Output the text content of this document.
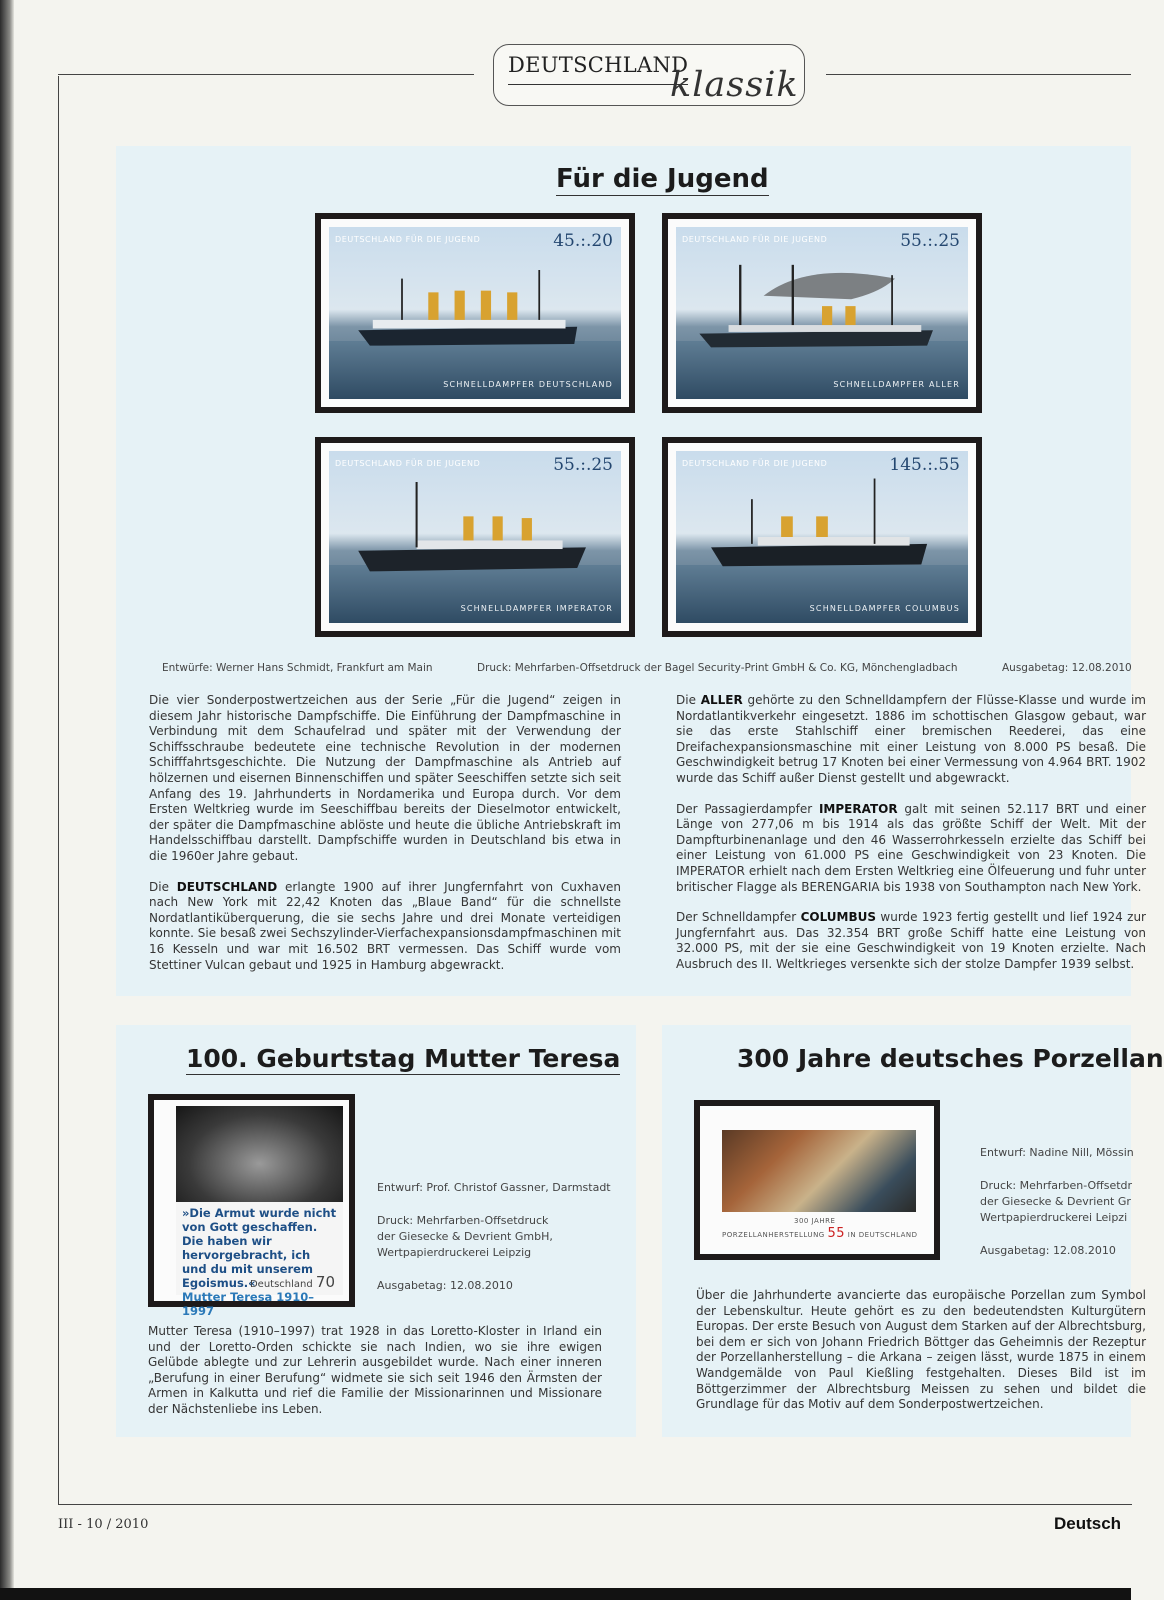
DEUTSCHLAND
klassik
Für die Jugend
DEUTSCHLAND FÜR DIE JUGEND	45.:.20
SCHNELLDAMPFER DEUTSCHLAND
DEUTSCHLAND FÜR DIE JUGEND	55.:.25
SCHNELLDAMPFER ALLER
DEUTSCHLAND FÜR DIE JUGEND	55.:.25
SCHNELLDAMPFER IMPERATOR
DEUTSCHLAND FÜR DIE JUGEND	145.:.55
SCHNELLDAMPFER COLUMBUS
Entwürfe: Werner Hans Schmidt, Frankfurt am Main	Druck: Mehrfarben-Offsetdruck der Bagel Security-Print GmbH & Co. KG, Mönchengladbach	Ausgabetag: 12.08.2010

Die vier Sonderpostwertzeichen aus der Serie „Für die Jugend“ zeigen in diesem Jahr historische Dampfschiffe. Die Einführung der Dampfmaschine in Verbindung mit dem Schaufelrad und später mit der Verwendung der Schiffsschraube bedeutete eine technische Revolution in der modernen Schifffahrtsgeschichte. Die Nutzung der Dampfmaschine als Antrieb auf hölzernen und eisernen Binnenschiffen und später Seeschiffen setzte sich seit Anfang des 19. Jahrhunderts in Nordamerika und Europa durch. Vor dem Ersten Weltkrieg wurde im Seeschiffbau bereits der Dieselmotor entwickelt, der später die Dampfmaschine ablöste und heute die übliche Antriebskraft im Handelsschiffbau darstellt. Dampfschiffe wurden in Deutschland bis etwa in die 1960er Jahre gebaut.

Die DEUTSCHLAND erlangte 1900 auf ihrer Jungfernfahrt von Cuxhaven nach New York mit 22,42 Knoten das „Blaue Band“ für die schnellste Nordatlantiküberquerung, die sie sechs Jahre und drei Monate verteidigen konnte. Sie besaß zwei Sechszylinder-Vierfachexpansionsdampfmaschinen mit 16 Kesseln und war mit 16.502 BRT vermessen. Das Schiff wurde vom Stettiner Vulcan gebaut und 1925 in Hamburg abgewrackt.

Die ALLER gehörte zu den Schnelldampfern der Flüsse-Klasse und wurde im Nordatlantikverkehr eingesetzt. 1886 im schottischen Glasgow gebaut, war sie das erste Stahlschiff einer bremischen Reederei, das eine Dreifachexpansionsmaschine mit einer Leistung von 8.000 PS besaß. Die Geschwindigkeit betrug 17 Knoten bei einer Vermessung von 4.964 BRT. 1902 wurde das Schiff außer Dienst gestellt und abgewrackt.

Der Passagierdampfer IMPERATOR galt mit seinen 52.117 BRT und einer Länge von 277,06 m bis 1914 als das größte Schiff der Welt. Mit der Dampfturbinenanlage und den 46 Wasserrohrkesseln erzielte das Schiff bei einer Leistung von 61.000 PS eine Geschwindigkeit von 23 Knoten. Die IMPERATOR erhielt nach dem Ersten Weltkrieg eine Ölfeuerung und fuhr unter britischer Flagge als BERENGARIA bis 1938 von Southampton nach New York.

Der Schnelldampfer COLUMBUS wurde 1923 fertig gestellt und lief 1924 zur Jungfernfahrt aus. Das 32.354 BRT große Schiff hatte eine Leistung von 32.000 PS, mit der sie eine Geschwindigkeit von 19 Knoten erzielte. Nach Ausbruch des II. Weltkrieges versenkte sich der stolze Dampfer 1939 selbst.

100. Geburtstag Mutter Teresa
»Die Armut wurde nicht von Gott geschaffen. Die haben wir hervorgebracht, ich und du mit unserem Egoismus.«
Mutter Teresa 1910–1997
Deutschland 70
Entwurf: Prof. Christof Gassner, Darmstadt
Druck: Mehrfarben-Offsetdruck
der Giesecke & Devrient GmbH,
Wertpapierdruckerei Leipzig
Ausgabetag: 12.08.2010

Mutter Teresa (1910–1997) trat 1928 in das Loretto-Kloster in Irland ein und der Loretto-Orden schickte sie nach Indien, wo sie ihre ewigen Gelübde ablegte und zur Lehrerin ausgebildet wurde. Nach einer inneren „Berufung in einer Berufung“ widmete sie sich seit 1946 den Ärmsten der Armen in Kalkutta und rief die Familie der Missionarinnen und Missionare der Nächstenliebe ins Leben.

300 Jahre deutsches Porzellan
300 JAHRE
PORZELLANHERSTELLUNG 55 IN DEUTSCHLAND
Entwurf: Nadine Nill, Mössin
Druck: Mehrfarben-Offsetdr
der Giesecke & Devrient Gr
Wertpapierdruckerei Leipzi
Ausgabetag: 12.08.2010

Über die Jahrhunderte avancierte das europäische Porzellan zum Symbol der Lebenskultur. Heute gehört es zu den bedeutendsten Kulturgütern Europas. Der erste Besuch von August dem Starken auf der Albrechtsburg, bei dem er sich von Johann Friedrich Böttger das Geheimnis der Rezeptur der Porzellanherstellung – die Arkana – zeigen lässt, wurde 1875 in einem Wandgemälde von Paul Kießling festgehalten. Dieses Bild ist im Böttgerzimmer der Albrechtsburg Meissen zu sehen und bildet die Grundlage für das Motiv auf dem Sonderpostwertzeichen.

III - 10 / 2010	Deutsch
